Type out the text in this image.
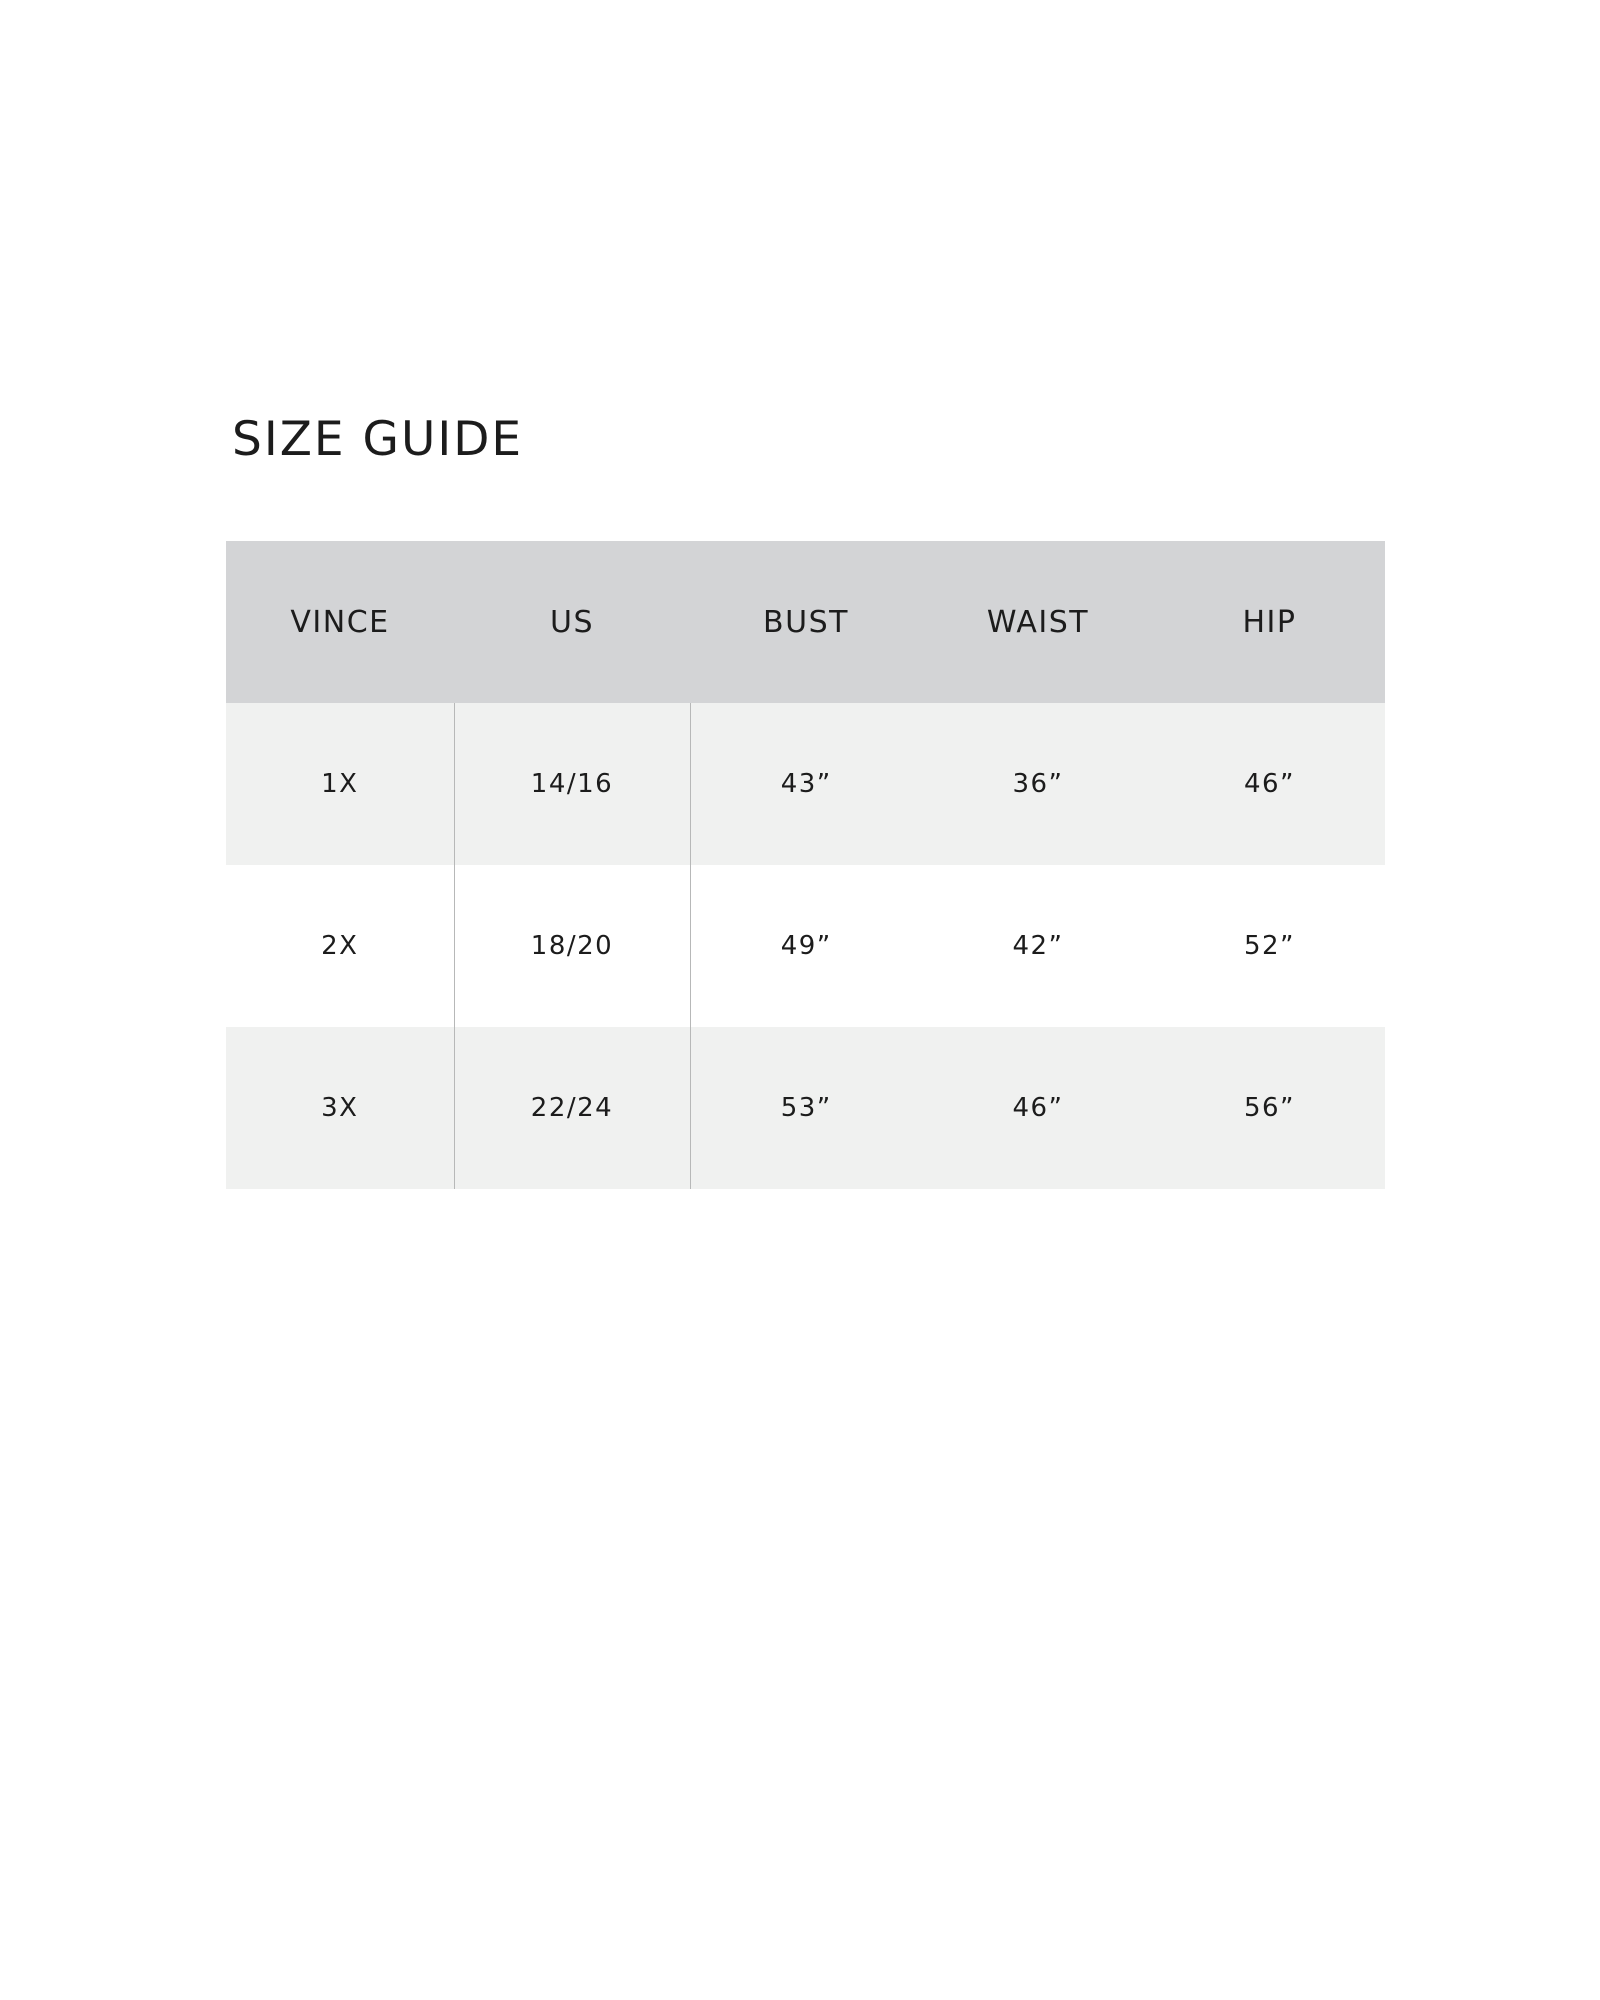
SIZE GUIDE
VINCE	US	BUST	WAIST	HIP
1X	14/16	43”	36”	46”
2X	18/20	49”	42”	52”
3X	22/24	53”	46”	56”
